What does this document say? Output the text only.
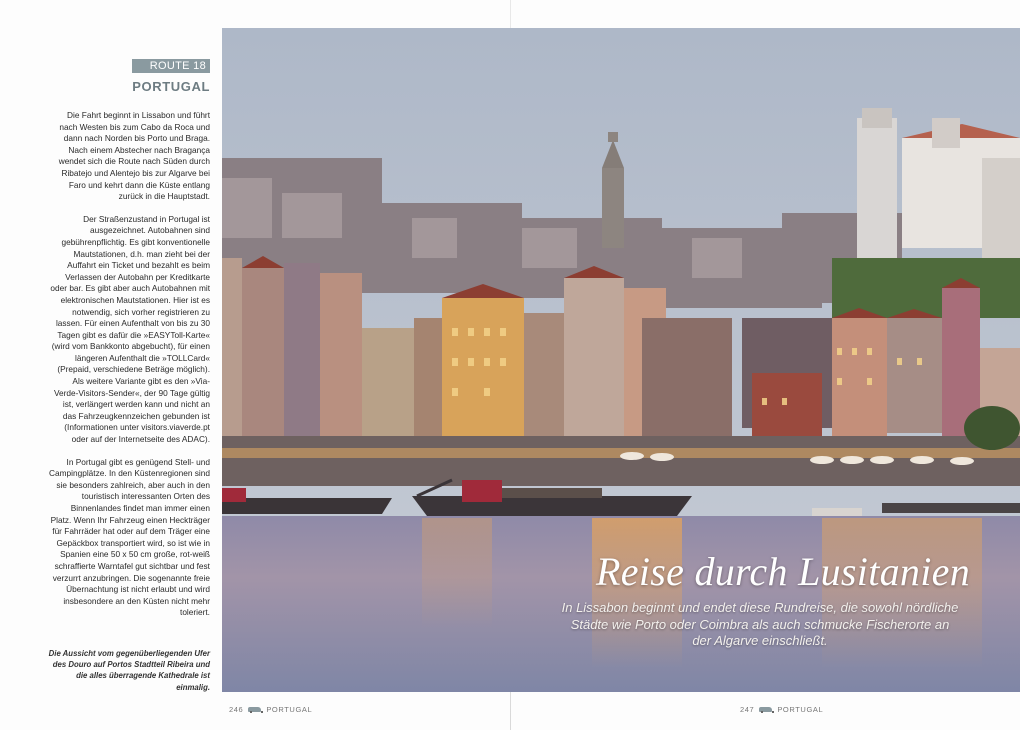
ROUTE 18
PORTUGAL

Die Fahrt beginnt in Lissabon und führt nach Westen bis zum Cabo da Roca und dann nach Norden bis Porto und Braga. Nach einem Abstecher nach Bragança wendet sich die Route nach Süden durch Ribatejo und Alentejo bis zur Algarve bei Faro und kehrt dann die Küste entlang zurück in die Hauptstadt.

Der Straßenzustand in Portugal ist ausgezeichnet. Autobahnen sind gebührenpflichtig. Es gibt konventionelle Mautstationen, d.h. man zieht bei der Auffahrt ein Ticket und bezahlt es beim Verlassen der Autobahn per Kreditkarte oder bar. Es gibt aber auch Autobahnen mit elektronischen Mautstationen. Hier ist es notwendig, sich vorher registrieren zu lassen. Für einen Aufenthalt von bis zu 30 Tagen gibt es dafür die »EASYToll-Karte« (wird vom Bankkonto abgebucht), für einen längeren Aufenthalt die »TOLLCard« (Prepaid, verschiedene Beträge möglich). Als weitere Variante gibt es den »Via-Verde-Visitors-Sender«, der 90 Tage gültig ist, verlängert werden kann und nicht an das Fahrzeugkennzeichen gebunden ist (Informationen unter visitors.viaverde.pt oder auf der Internetseite des ADAC).

In Portugal gibt es genügend Stell- und Campingplätze. In den Küstenregionen sind sie besonders zahlreich, aber auch in den touristisch interessanten Orten des Binnenlandes findet man immer einen Platz. Wenn Ihr Fahrzeug einen Heckträger für Fahrräder hat oder auf dem Träger eine Gepäckbox transportiert wird, so ist wie in Spanien eine 50 x 50 cm große, rot-weiß schraffierte Warntafel gut sichtbar und fest verzurrt anzubringen. Die sogenannte freie Übernachtung ist nicht erlaubt und wird insbesondere an den Küsten nicht mehr toleriert.

Die Aussicht vom gegenüberliegenden Ufer des Douro auf Portos Stadtteil Ribeira und die alles überragende Kathedrale ist einmalig.
Reise durch Lusitanien
In Lissabon beginnt und endet diese Rundreise, die sowohl nördliche Städte wie Porto oder Coimbra als auch schmucke Fischerorte an der Algarve einschließt.
246	PORTUGAL	247	PORTUGAL
